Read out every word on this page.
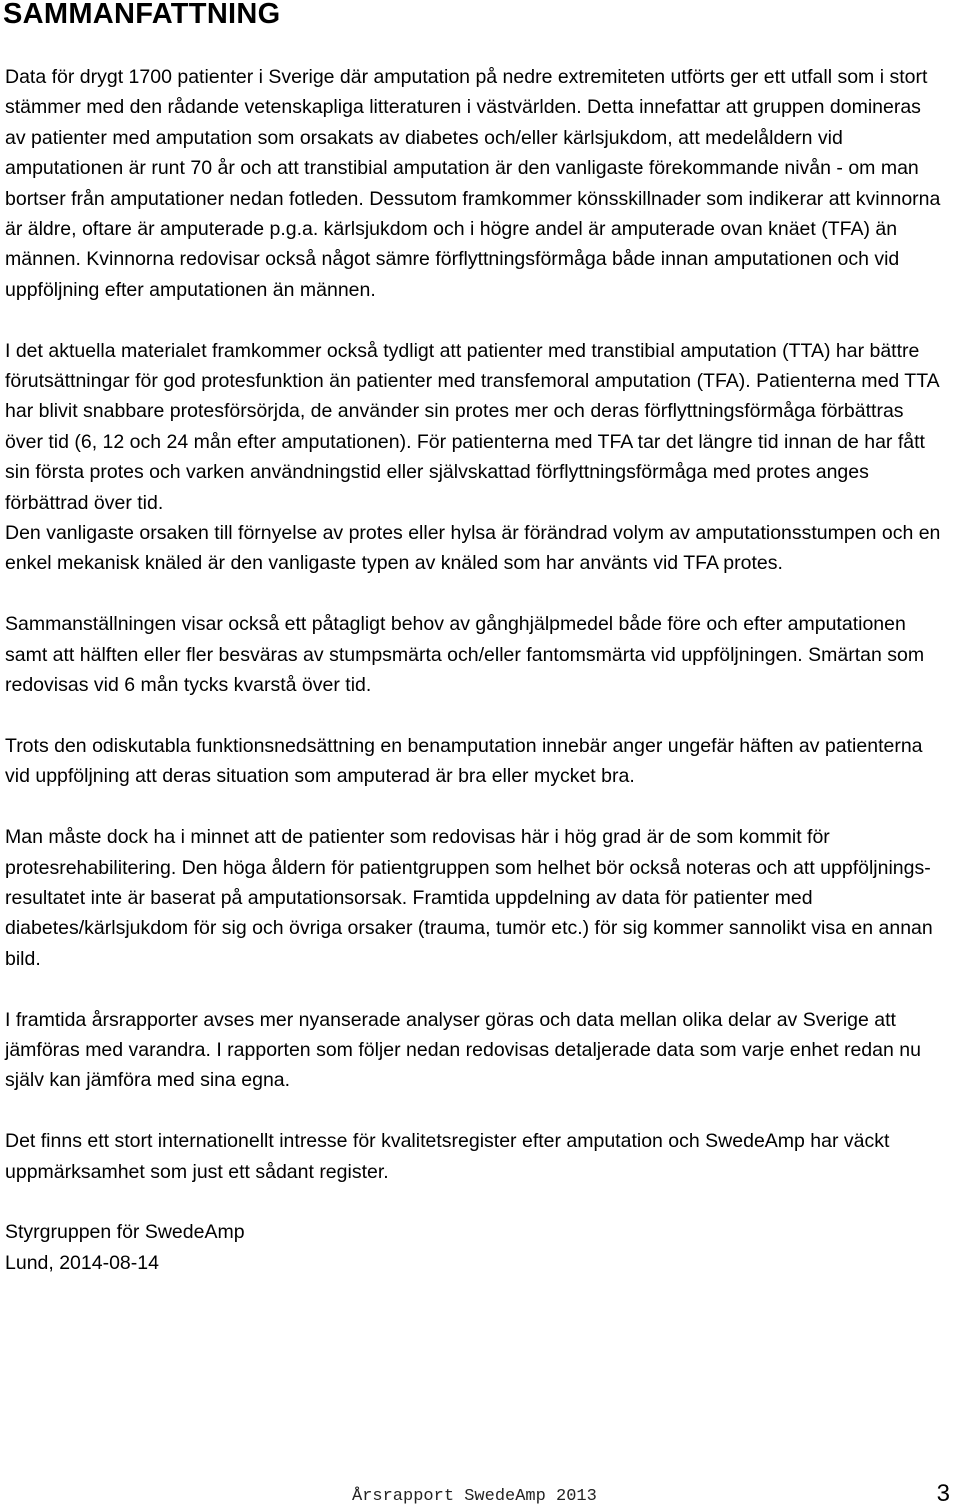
SAMMANFATTNING

Data för drygt 1700 patienter i Sverige där amputation på nedre extremiteten utförts ger ett utfall som i stort stämmer med den rådande vetenskapliga litteraturen i västvärlden. Detta innefattar att gruppen domineras av patienter med amputation som orsakats av diabetes och/eller kärlsjukdom, att medelåldern vid amputationen är runt 70 år och att transtibial amputation är den vanligaste förekommande nivån - om man bortser från amputationer nedan fotleden. Dessutom framkommer könsskillnader som indikerar att kvinnorna är äldre, oftare är amputerade p.g.a. kärlsjukdom och i högre andel är amputerade ovan knäet (TFA) än männen. Kvinnorna redovisar också något sämre förflyttningsförmåga både innan amputationen och vid uppföljning efter amputationen än männen.

I det aktuella materialet framkommer också tydligt att patienter med transtibial amputation (TTA) har bättre förutsättningar för god protesfunktion än patienter med transfemoral amputation (TFA). Patienterna med TTA har blivit snabbare protesförsörjda, de använder sin protes mer och deras förflyttningsförmåga förbättras över tid (6, 12 och 24 mån efter amputationen). För patienterna med TFA tar det längre tid innan de har fått sin första protes och varken användningstid eller självskattad förflyttningsförmåga med protes anges förbättrad över tid.

Den vanligaste orsaken till förnyelse av protes eller hylsa är förändrad volym av amputationsstumpen och en enkel mekanisk knäled är den vanligaste typen av knäled som har använts vid TFA protes.

Sammanställningen visar också ett påtagligt behov av gånghjälpmedel både före och efter amputationen samt att hälften eller fler besväras av stumpsmärta och/eller fantomsmärta vid uppföljningen. Smärtan som redovisas vid 6 mån tycks kvarstå över tid.

Trots den odiskutabla funktionsnedsättning en benamputation innebär anger ungefär häften av patienterna vid uppföljning att deras situation som amputerad är bra eller mycket bra.

Man måste dock ha i minnet att de patienter som redovisas här i hög grad är de som kommit för protesrehabilitering. Den höga åldern för patientgruppen som helhet bör också noteras och att uppföljnings-resultatet inte är baserat på amputationsorsak. Framtida uppdelning av data för patienter med diabetes/kärlsjukdom för sig och övriga orsaker (trauma, tumör etc.) för sig kommer sannolikt visa en annan bild.

I framtida årsrapporter avses mer nyanserade analyser göras och data mellan olika delar av Sverige att jämföras med varandra. I rapporten som följer nedan redovisas detaljerade data som varje enhet redan nu själv kan jämföra med sina egna.

Det finns ett stort internationellt intresse för kvalitetsregister efter amputation och SwedeAmp har väckt uppmärksamhet som just ett sådant register.

Styrgruppen för SwedeAmp
Lund, 2014-08-14
Årsrapport SwedeAmp 2013	3
